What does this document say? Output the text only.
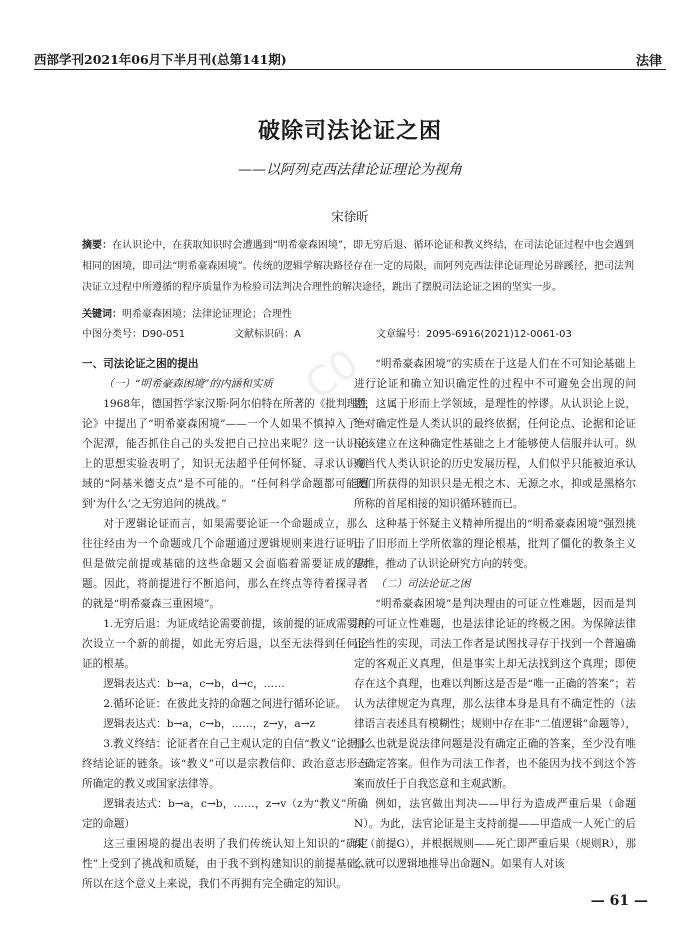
西部学刊2021年06月下半月刊(总第141期)	法律
破除司法论证之困
——以阿列克西法律论证理论为视角
宋徐昕
摘要：在认识论中，在获取知识时会遭遇到“明希豪森困境”，即无穷后退、循环论证和教义终结，在司法论证过程中也会遇到相同的困境，即司法“明希豪森困境”。传统的逻辑学解决路径存在一定的局限，而阿列克西法律论证理论另辟蹊径，把司法判决证立过程中所遵循的程序质量作为检验司法判决合理性的解决途径，跳出了摆脱司法论证之困的坚实一步。
关键词：明希豪森困境；法律论证理论；合理性
中图分类号：D90-051	文献标识码：A	文章编号：2095-6916(2021)12-0061-03

一、司法论证之困的提出

（一）“明希豪森困境”的内涵和实质

1968年，德国哲学家汉斯·阿尔伯特在所著的《批判理性论》中提出了“明希豪森困境”——一个人如果不慎掉入了一个泥潭，能否抓住自己的头发把自己拉出来呢？这一认识论上的思想实验表明了，知识无法超乎任何怀疑、寻求认识领域的“阿基米德支点”是不可能的。“任何科学命题都可能遭到‘为什么’之无穷追问的挑战。”

对于逻辑论证而言，如果需要论证一个命题成立，那么往往经由为一个命题或几个命题通过逻辑规则来进行证明，但是做完前提或基础的这些命题又会面临着需要证成的问题。因此，将前提进行不断追问，那么在终点等待着探寻者的就是“明希豪森三重困境”。

1.无穷后退：为证成结论需要前提，该前提的证成需要再次设立一个新的前提，如此无穷后退，以至无法得到任何论证的根基。

逻辑表达式：b→a，c→b，d→c，……

2.循环论证：在彼此支持的命题之间进行循环论证。

逻辑表达式：b→a，c→b，……，z→y，a→z

3.教义终结：论证者在自己主观认定的自信“教义”论据上终结论证的链条。该“教义”可以是宗教信仰、政治意志形态所确定的教义或国家法律等。

逻辑表达式：b→a，c→b，……，z→v（z为“教义”所确定的命题）

这三重困境的提出表明了我们传统认知上知识的“确定性”上受到了挑战和质疑，由于我不到构建知识的前提基础，所以在这个意义上来说，我们不再拥有完全确定的知识。

“明希豪森困境”的实质在于这是人们在不可知论基础上进行论证和确立知识确定性的过程中不可避免会出现的问题，这属于形而上学领域，是理性的悖谬。从认识论上说，绝对确定性是人类认识的最终依据，任何论点、论据和论证应该建立在这种确定性基础之上才能够使人信服并认可。纵观当代人类认识论的历史发展历程，人们似乎只能被迫承认我们所获得的知识只是无根之木、无源之水，抑或是黑格尔所称的首尾相接的知识循环链而已。

这种基于怀疑主义精神所提出的“明希豪森困境”强烈挑击了旧形而上学所依靠的理论根基，批判了僵化的教条主义思维，推动了认识论研究方向的转变。

（二）司法论证之困

“明希豪森困境”是判决理由的可证立性难题，因而是判决的可证立性难题，也是法律论证的终极之困。为保障法律正当性的实现，司法工作者是试图找寻存于找到一个普遍确定的客观正义真理，但是事实上却无法找到这个真理；即使存在这个真理，也难以判断这是否是“唯一正确的答案”；若认为法律规定为真理，那么法律本身是具有不确定性的（法律语言表述具有模糊性；规则中存在非“二值逻辑”命题等），那么也就是说法律问题是没有确定正确的答案，至少没有唯一确定答案。但作为司法工作者，也不能因为找不到这个答案而放任于自我恣意和主观武断。

例如，法官做出判决——甲行为造成严重后果（命题N）。为此，法官论证是主支持前提——甲造成一人死亡的后果（前提G），并根据规则——死亡即严重后果（规则R），那么就可以逻辑地推导出命题N。如果有人对该

C0
— 61 —
